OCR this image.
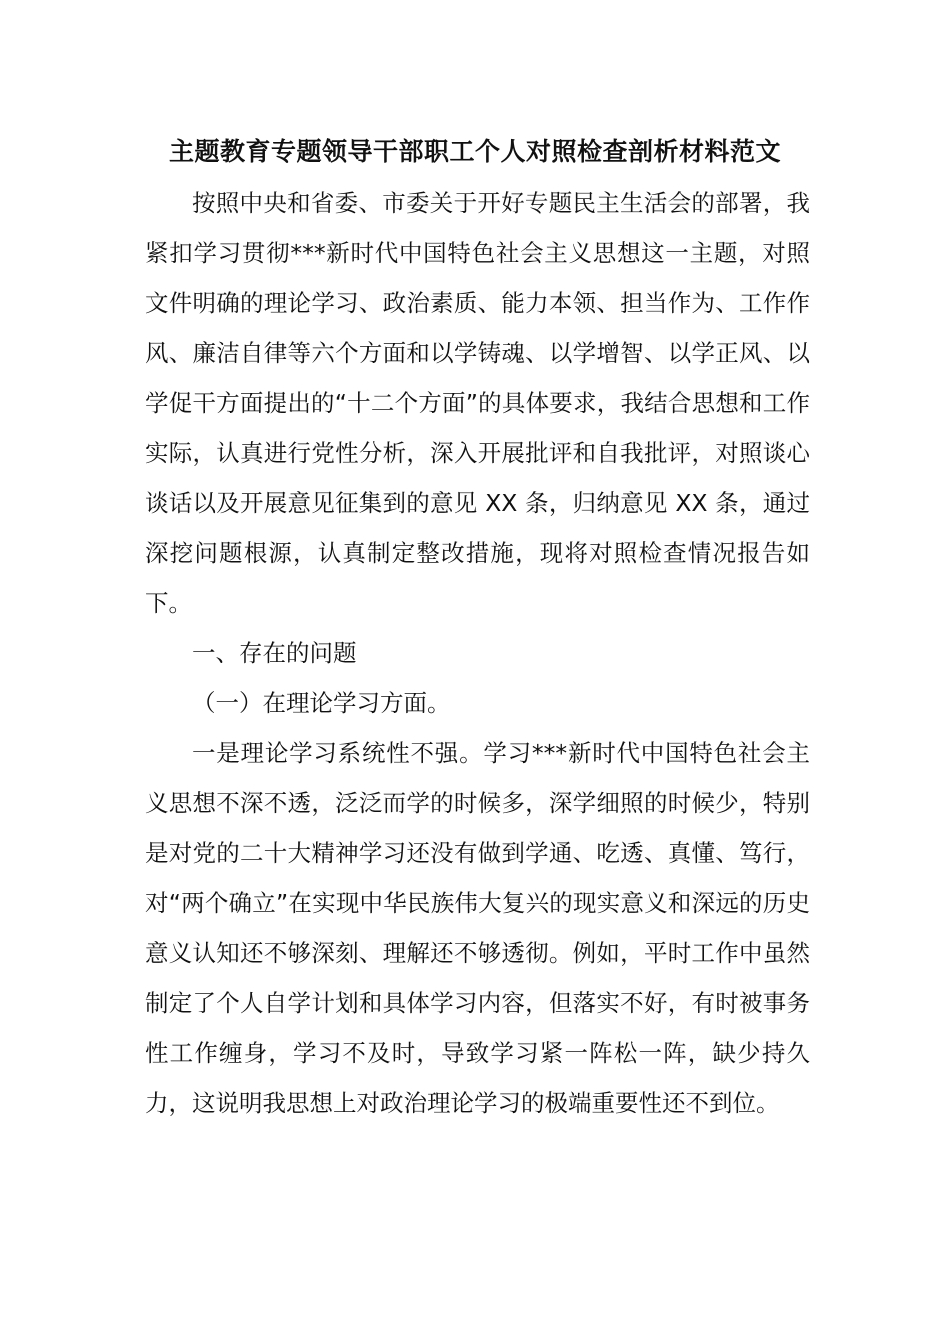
主题教育专题领导干部职工个人对照检查剖析材料范文

按照中央和省委、市委关于开好专题民主生活会的部署，我紧扣学习贯彻***新时代中国特色社会主义思想这一主题，对照文件明确的理论学习、政治素质、能力本领、担当作为、工作作风、廉洁自律等六个方面和以学铸魂、以学增智、以学正风、以学促干方面提出的“十二个方面”的具体要求，我结合思想和工作实际，认真进行党性分析，深入开展批评和自我批评，对照谈心谈话以及开展意见征集到的意见 XX 条，归纳意见 XX 条，通过深挖问题根源，认真制定整改措施，现将对照检查情况报告如下。

一、存在的问题

（一）在理论学习方面。

一是理论学习系统性不强。学习***新时代中国特色社会主义思想不深不透，泛泛而学的时候多，深学细照的时候少，特别是对党的二十大精神学习还没有做到学通、吃透、真懂、笃行，对“两个确立”在实现中华民族伟大复兴的现实意义和深远的历史意义认知还不够深刻、理解还不够透彻。例如，平时工作中虽然制定了个人自学计划和具体学习内容，但落实不好，有时被事务性工作缠身，学习不及时，导致学习紧一阵松一阵，缺少持久力，这说明我思想上对政治理论学习的极端重要性还不到位。
